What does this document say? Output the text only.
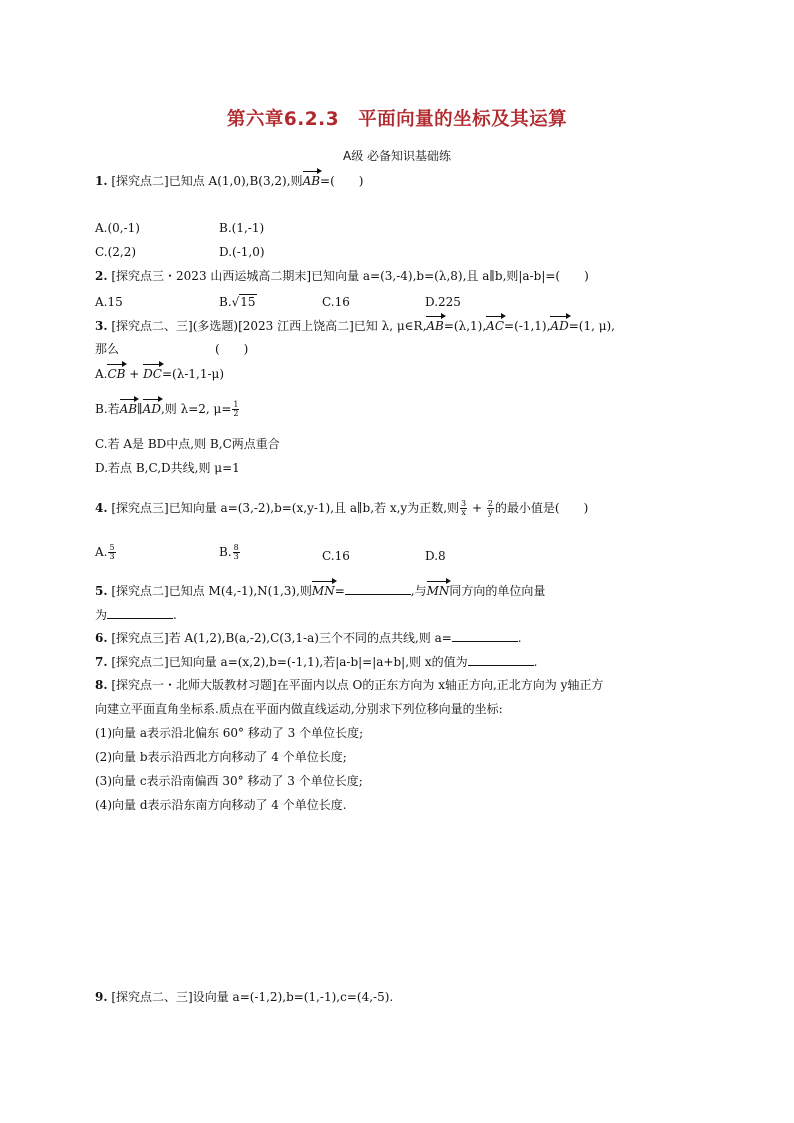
第六章6.2.3　平面向量的坐标及其运算
A级 必备知识基础练
1. [探究点二]已知点 A(1,0),B(3,2),则AB=(　　)
A.(0,-1)	B.(1,-1)
C.(2,2)	D.(-1,0)
2. [探究点三・2023 山西运城高二期末]已知向量 a=(3,-4),b=(λ,8),且 a∥b,则|a-b|=(　　)
A.15	B.√15	C.16	D.225
3. [探究点二、三](多选题)[2023 江西上饶高二]已知 λ, μ∈R,AB=(λ,1),AC=(-1,1),AD=(1, μ),
那么　　　　　　　　(　　)
A.CB + DC=(λ-1,1-μ)
B.若AB∥AD,则 λ=2, $\mu= \frac{1}{2}$
C.若 A是 BD中点,则 B,C两点重合
D.若点 B,C,D共线,则 μ=1
4. [探究点三]已知向量 a=(3,-2),b=(x,y-1),且 a∥b,若 x,y为正数,则 $\frac{3}{x} + \frac{2}{y}$ 的最小值是(　　)
A. $\frac{5}{3}$	B. $\frac{8}{3}$	C.16	D.8
5. [探究点二]已知点 M(4,-1),N(1,3),则MN=	,与MN同方向的单位向量
为	.
6. [探究点三]若 A(1,2),B(a,-2),C(3,1-a)三个不同的点共线,则 a=	.
7. [探究点二]已知向量 a=(x,2),b=(-1,1),若|a-b|=|a+b|,则 x的值为	.
8. [探究点一・北师大版教材习题]在平面内以点 O的正东方向为 x轴正方向,正北方向为 y轴正方
向建立平面直角坐标系.质点在平面内做直线运动,分别求下列位移向量的坐标:
(1)向量 a表示沿北偏东 60° 移动了 3 个单位长度;
(2)向量 b表示沿西北方向移动了 4 个单位长度;
(3)向量 c表示沿南偏西 30° 移动了 3 个单位长度;
(4)向量 d表示沿东南方向移动了 4 个单位长度.
9. [探究点二、三]设向量 a=(-1,2),b=(1,-1),c=(4,-5).
